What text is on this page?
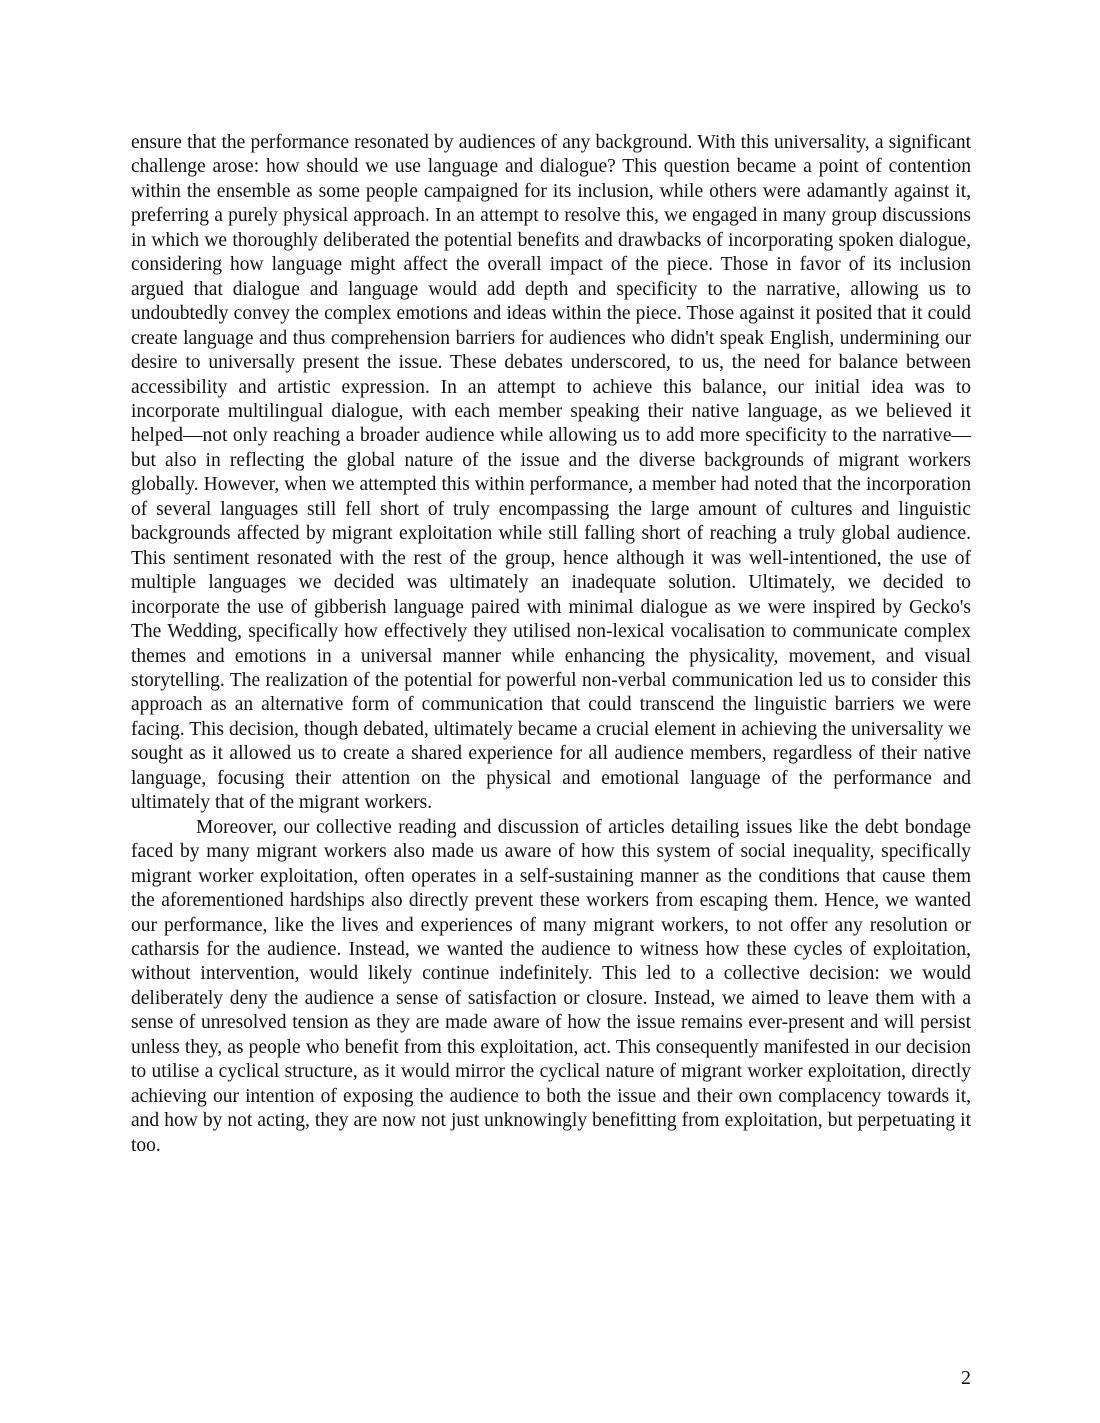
ensure that the performance resonated by audiences of any background. With this universality, a significant challenge arose: how should we use language and dialogue? This question became a point of contention within the ensemble as some people campaigned for its inclusion, while others were adamantly against it, preferring a purely physical approach. In an attempt to resolve this, we engaged in many group discussions in which we thoroughly deliberated the potential benefits and drawbacks of incorporating spoken dialogue, considering how language might affect the overall impact of the piece. Those in favor of its inclusion argued that dialogue and language would add depth and specificity to the narrative, allowing us to undoubtedly convey the complex emotions and ideas within the piece. Those against it posited that it could create language and thus comprehension barriers for audiences who didn't speak English, undermining our desire to universally present the issue. These debates underscored, to us, the need for balance between accessibility and artistic expression. In an attempt to achieve this balance, our initial idea was to incorporate multilingual dialogue, with each member speaking their native language, as we believed it helped—not only reaching a broader audience while allowing us to add more specificity to the narrative—but also in reflecting the global nature of the issue and the diverse backgrounds of migrant workers globally. However, when we attempted this within performance, a member had noted that the incorporation of several languages still fell short of truly encompassing the large amount of cultures and linguistic backgrounds affected by migrant exploitation while still falling short of reaching a truly global audience. This sentiment resonated with the rest of the group, hence although it was well-intentioned, the use of multiple languages we decided was ultimately an inadequate solution. Ultimately, we decided to incorporate the use of gibberish language paired with minimal dialogue as we were inspired by Gecko's The Wedding, specifically how effectively they utilised non-lexical vocalisation to communicate complex themes and emotions in a universal manner while enhancing the physicality, movement, and visual storytelling. The realization of the potential for powerful non-verbal communication led us to consider this approach as an alternative form of communication that could transcend the linguistic barriers we were facing. This decision, though debated, ultimately became a crucial element in achieving the universality we sought as it allowed us to create a shared experience for all audience members, regardless of their native language, focusing their attention on the physical and emotional language of the performance and ultimately that of the migrant workers.

Moreover, our collective reading and discussion of articles detailing issues like the debt bondage faced by many migrant workers also made us aware of how this system of social inequality, specifically migrant worker exploitation, often operates in a self-sustaining manner as the conditions that cause them the aforementioned hardships also directly prevent these workers from escaping them. Hence, we wanted our performance, like the lives and experiences of many migrant workers, to not offer any resolution or catharsis for the audience. Instead, we wanted the audience to witness how these cycles of exploitation, without intervention, would likely continue indefinitely. This led to a collective decision: we would deliberately deny the audience a sense of satisfaction or closure. Instead, we aimed to leave them with a sense of unresolved tension as they are made aware of how the issue remains ever-present and will persist unless they, as people who benefit from this exploitation, act. This consequently manifested in our decision to utilise a cyclical structure, as it would mirror the cyclical nature of migrant worker exploitation, directly achieving our intention of exposing the audience to both the issue and their own complacency towards it, and how by not acting, they are now not just unknowingly benefitting from exploitation, but perpetuating it too.

2
